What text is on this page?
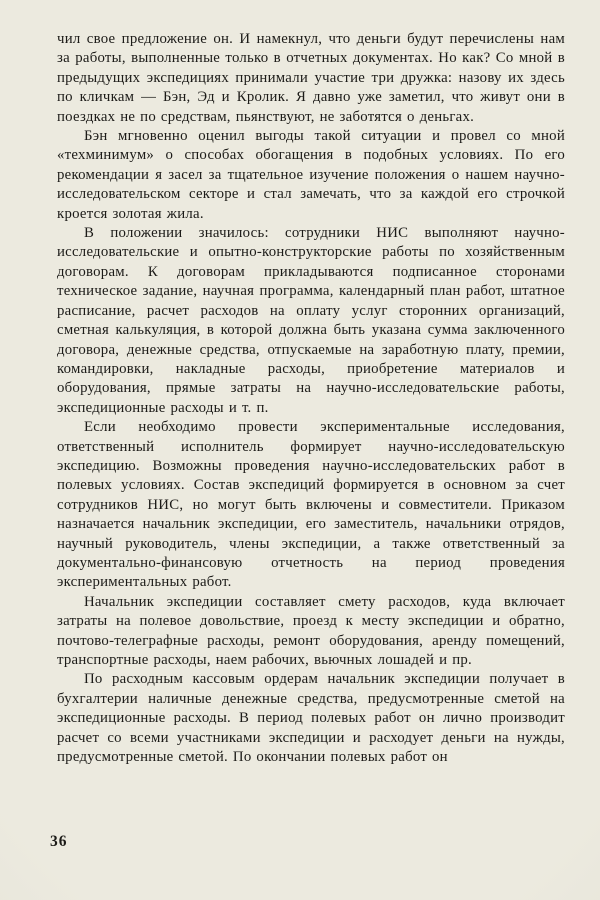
чил свое предложение он. И намекнул, что деньги будут перечислены нам за работы, выполненные только в отчетных документах. Но как? Со мной в предыдущих экспедициях принимали участие три дружка: назову их здесь по кличкам — Бэн, Эд и Кролик. Я давно уже заметил, что живут они в поездках не по средствам, пьянствуют, не заботятся о деньгах.

Бэн мгновенно оценил выгоды такой ситуации и провел со мной «техминимум» о способах обогащения в подобных условиях. По его рекомендации я засел за тщательное изучение положения о нашем научно-исследовательском секторе и стал замечать, что за каждой его строчкой кроется золотая жила.

В положении значилось: сотрудники НИС выполняют научно-исследовательские и опытно-конструкторские работы по хозяйственным договорам. К договорам прикладываются подписанное сторонами техническое задание, научная программа, календарный план работ, штатное расписание, расчет расходов на оплату услуг сторонних организаций, сметная калькуляция, в которой должна быть указана сумма заключенного договора, денежные средства, отпускаемые на заработную плату, премии, командировки, накладные расходы, приобретение материалов и оборудования, прямые затраты на научно-исследовательские работы, экспедиционные расходы и т. п.

Если необходимо провести экспериментальные исследования, ответственный исполнитель формирует научно-исследовательскую экспедицию. Возможны проведения научно-исследовательских работ в полевых условиях. Состав экспедиций формируется в основном за счет сотрудников НИС, но могут быть включены и совместители. Приказом назначается начальник экспедиции, его заместитель, начальники отрядов, научный руководитель, члены экспедиции, а также ответственный за документально-финансовую отчетность на период проведения экспериментальных работ.

Начальник экспедиции составляет смету расходов, куда включает затраты на полевое довольствие, проезд к месту экспедиции и обратно, почтово-телеграфные расходы, ремонт оборудования, аренду помещений, транспортные расходы, наем рабочих, вьючных лошадей и пр.

По расходным кассовым ордерам начальник экспедиции получает в бухгалтерии наличные денежные средства, предусмотренные сметой на экспедиционные расходы. В период полевых работ он лично производит расчет со всеми участниками экспедиции и расходует деньги на нужды, предусмотренные сметой. По окончании полевых работ он

36
